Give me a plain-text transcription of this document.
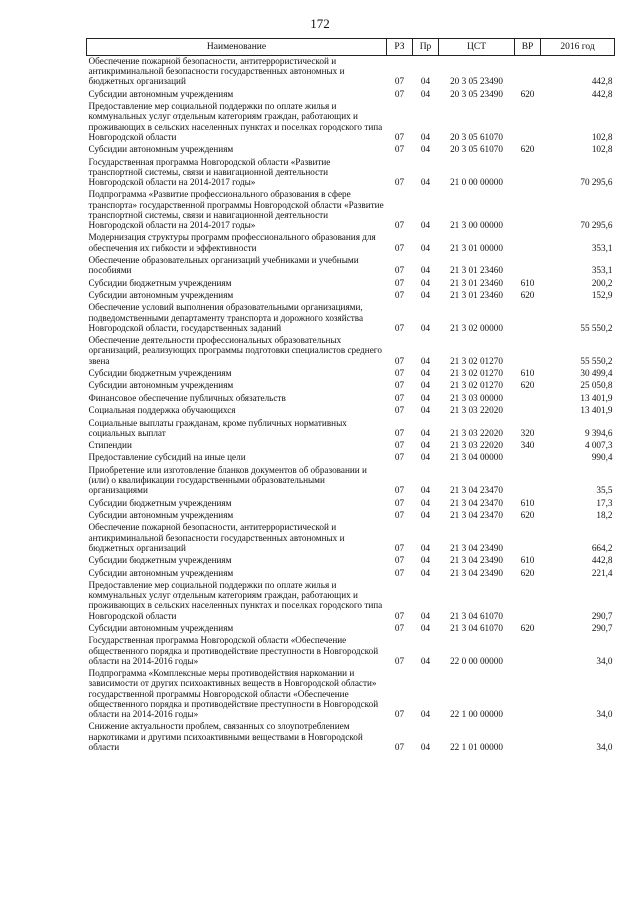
172
Наименование	РЗ	Пр	ЦСТ	ВР	2016 год
Обеспечение пожарной безопасности, антитеррористической и антикриминальной безопасности государственных автономных и бюджетных организаций	07	04	20 3 05 23490		442,8
Субсидии автономным учреждениям	07	04	20 3 05 23490	620	442,8
Предоставление мер социальной поддержки по оплате жилья и коммунальных услуг отдельным категориям граждан, работающих и проживающих в сельских населенных пунктах и поселках городского типа Новгородской области	07	04	20 3 05 61070		102,8
Субсидии автономным учреждениям	07	04	20 3 05 61070	620	102,8
Государственная программа Новгородской области «Развитие транспортной системы, связи и навигационной деятельности Новгородской области на 2014-2017 годы»	07	04	21 0 00 00000		70 295,6
Подпрограмма «Развитие профессионального образования в сфере транспорта» государственной программы Новгородской области «Развитие транспортной системы, связи и навигационной деятельности Новгородской области на 2014-2017 годы»	07	04	21 3 00 00000		70 295,6
Модернизация структуры программ профессионального образования для обеспечения их гибкости и эффективности	07	04	21 3 01 00000		353,1
Обеспечение образовательных организаций учебниками и учебными пособиями	07	04	21 3 01 23460		353,1
Субсидии бюджетным учреждениям	07	04	21 3 01 23460	610	200,2
Субсидии автономным учреждениям	07	04	21 3 01 23460	620	152,9
Обеспечение условий выполнения образовательными организациями, подведомственными департаменту транспорта и дорожного хозяйства Новгородской области, государственных заданий	07	04	21 3 02 00000		55 550,2
Обеспечение деятельности профессиональных образовательных организаций, реализующих программы подготовки специалистов среднего звена	07	04	21 3 02 01270		55 550,2
Субсидии бюджетным учреждениям	07	04	21 3 02 01270	610	30 499,4
Субсидии автономным учреждениям	07	04	21 3 02 01270	620	25 050,8
Финансовое обеспечение публичных обязательств	07	04	21 3 03 00000		13 401,9
Социальная поддержка обучающихся	07	04	21 3 03 22020		13 401,9
Социальные выплаты гражданам, кроме публичных нормативных социальных выплат	07	04	21 3 03 22020	320	9 394,6
Стипендии	07	04	21 3 03 22020	340	4 007,3
Предоставление субсидий на иные цели	07	04	21 3 04 00000		990,4
Приобретение или изготовление бланков документов об образовании и (или) о квалификации государственными образовательными организациями	07	04	21 3 04 23470		35,5
Субсидии бюджетным учреждениям	07	04	21 3 04 23470	610	17,3
Субсидии автономным учреждениям	07	04	21 3 04 23470	620	18,2
Обеспечение пожарной безопасности, антитеррористической и антикриминальной безопасности государственных автономных и бюджетных организаций	07	04	21 3 04 23490		664,2
Субсидии бюджетным учреждениям	07	04	21 3 04 23490	610	442,8
Субсидии автономным учреждениям	07	04	21 3 04 23490	620	221,4
Предоставление мер социальной поддержки по оплате жилья и коммунальных услуг отдельным категориям граждан, работающих и проживающих в сельских населенных пунктах и поселках городского типа Новгородской области	07	04	21 3 04 61070		290,7
Субсидии автономным учреждениям	07	04	21 3 04 61070	620	290,7
Государственная программа Новгородской области «Обеспечение общественного порядка и противодействие преступности в Новгородской области на 2014-2016 годы»	07	04	22 0 00 00000		34,0
Подпрограмма «Комплексные меры противодействия наркомании и зависимости от других психоактивных веществ в Новгородской области» государственной программы Новгородской области «Обеспечение общественного порядка и противодействие преступности в Новгородской области на 2014-2016 годы»	07	04	22 1 00 00000		34,0
Снижение актуальности проблем, связанных со злоупотреблением наркотиками и другими психоактивными веществами в Новгородской области	07	04	22 1 01 00000		34,0
